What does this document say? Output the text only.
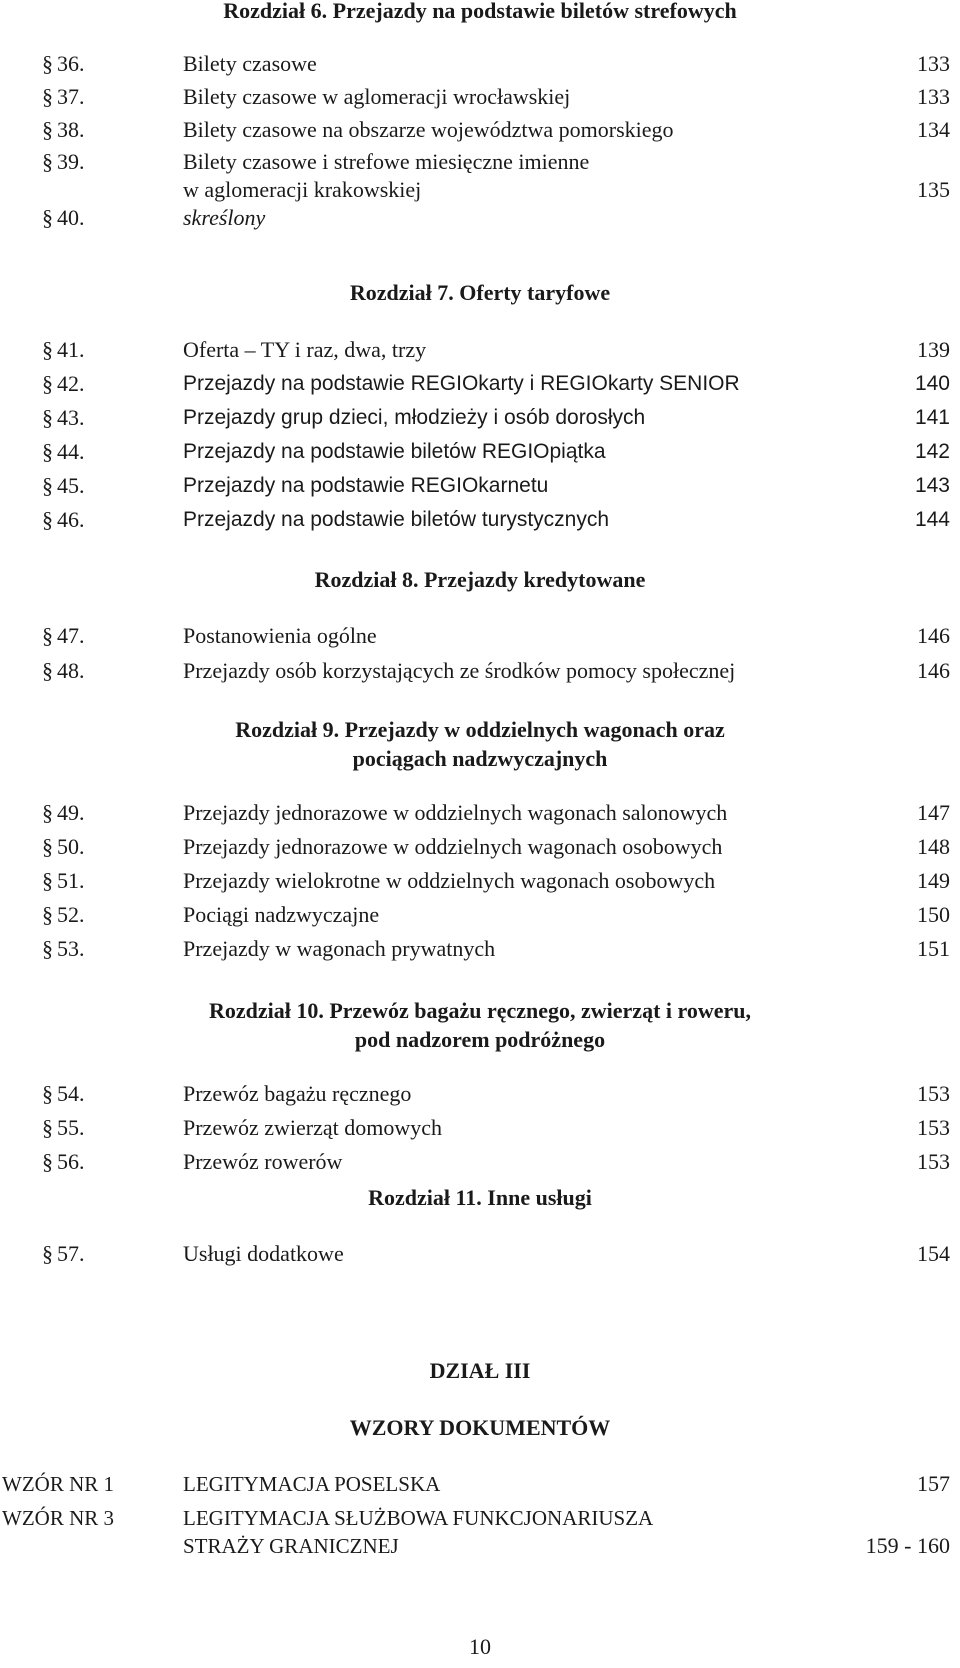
Rozdział 6. Przejazdy na podstawie biletów strefowych
§ 36.	Bilety czasowe	133
§ 37.	Bilety czasowe w aglomeracji wrocławskiej	133
§ 38.	Bilety czasowe na obszarze województwa pomorskiego	134
§ 39.	Bilety czasowe i strefowe miesięczne imienne
w aglomeracji krakowskiej	135
§ 40.	skreślony
Rozdział 7. Oferty taryfowe
§ 41.	Oferta – TY i raz, dwa, trzy	139
§ 42.	Przejazdy na podstawie REGIOkarty i REGIOkarty SENIOR	140
§ 43.	Przejazdy grup dzieci, młodzieży i osób dorosłych	141
§ 44.	Przejazdy na podstawie biletów REGIOpiątka	142
§ 45.	Przejazdy na podstawie REGIOkarnetu	143
§ 46.	Przejazdy na podstawie biletów turystycznych	144
Rozdział 8. Przejazdy kredytowane
§ 47.	Postanowienia ogólne	146
§ 48.	Przejazdy osób korzystających ze środków pomocy społecznej	146
Rozdział 9. Przejazdy w oddzielnych wagonach oraz
pociągach nadzwyczajnych
§ 49.	Przejazdy jednorazowe w oddzielnych wagonach salonowych	147
§ 50.	Przejazdy jednorazowe w oddzielnych wagonach osobowych	148
§ 51.	Przejazdy wielokrotne w oddzielnych wagonach osobowych	149
§ 52.	Pociągi nadzwyczajne	150
§ 53.	Przejazdy w wagonach prywatnych	151
Rozdział 10. Przewóz bagażu ręcznego, zwierząt i roweru,
pod nadzorem podróżnego
§ 54.	Przewóz bagażu ręcznego	153
§ 55.	Przewóz zwierząt domowych	153
§ 56.	Przewóz rowerów	153
Rozdział 11. Inne usługi
§ 57.	Usługi dodatkowe	154
DZIAŁ III
WZORY DOKUMENTÓW
WZÓR NR 1	LEGITYMACJA POSELSKA	157
WZÓR NR 3	LEGITYMACJA SŁUŻBOWA FUNKCJONARIUSZA
STRAŻY GRANICZNEJ	159 - 160
10
